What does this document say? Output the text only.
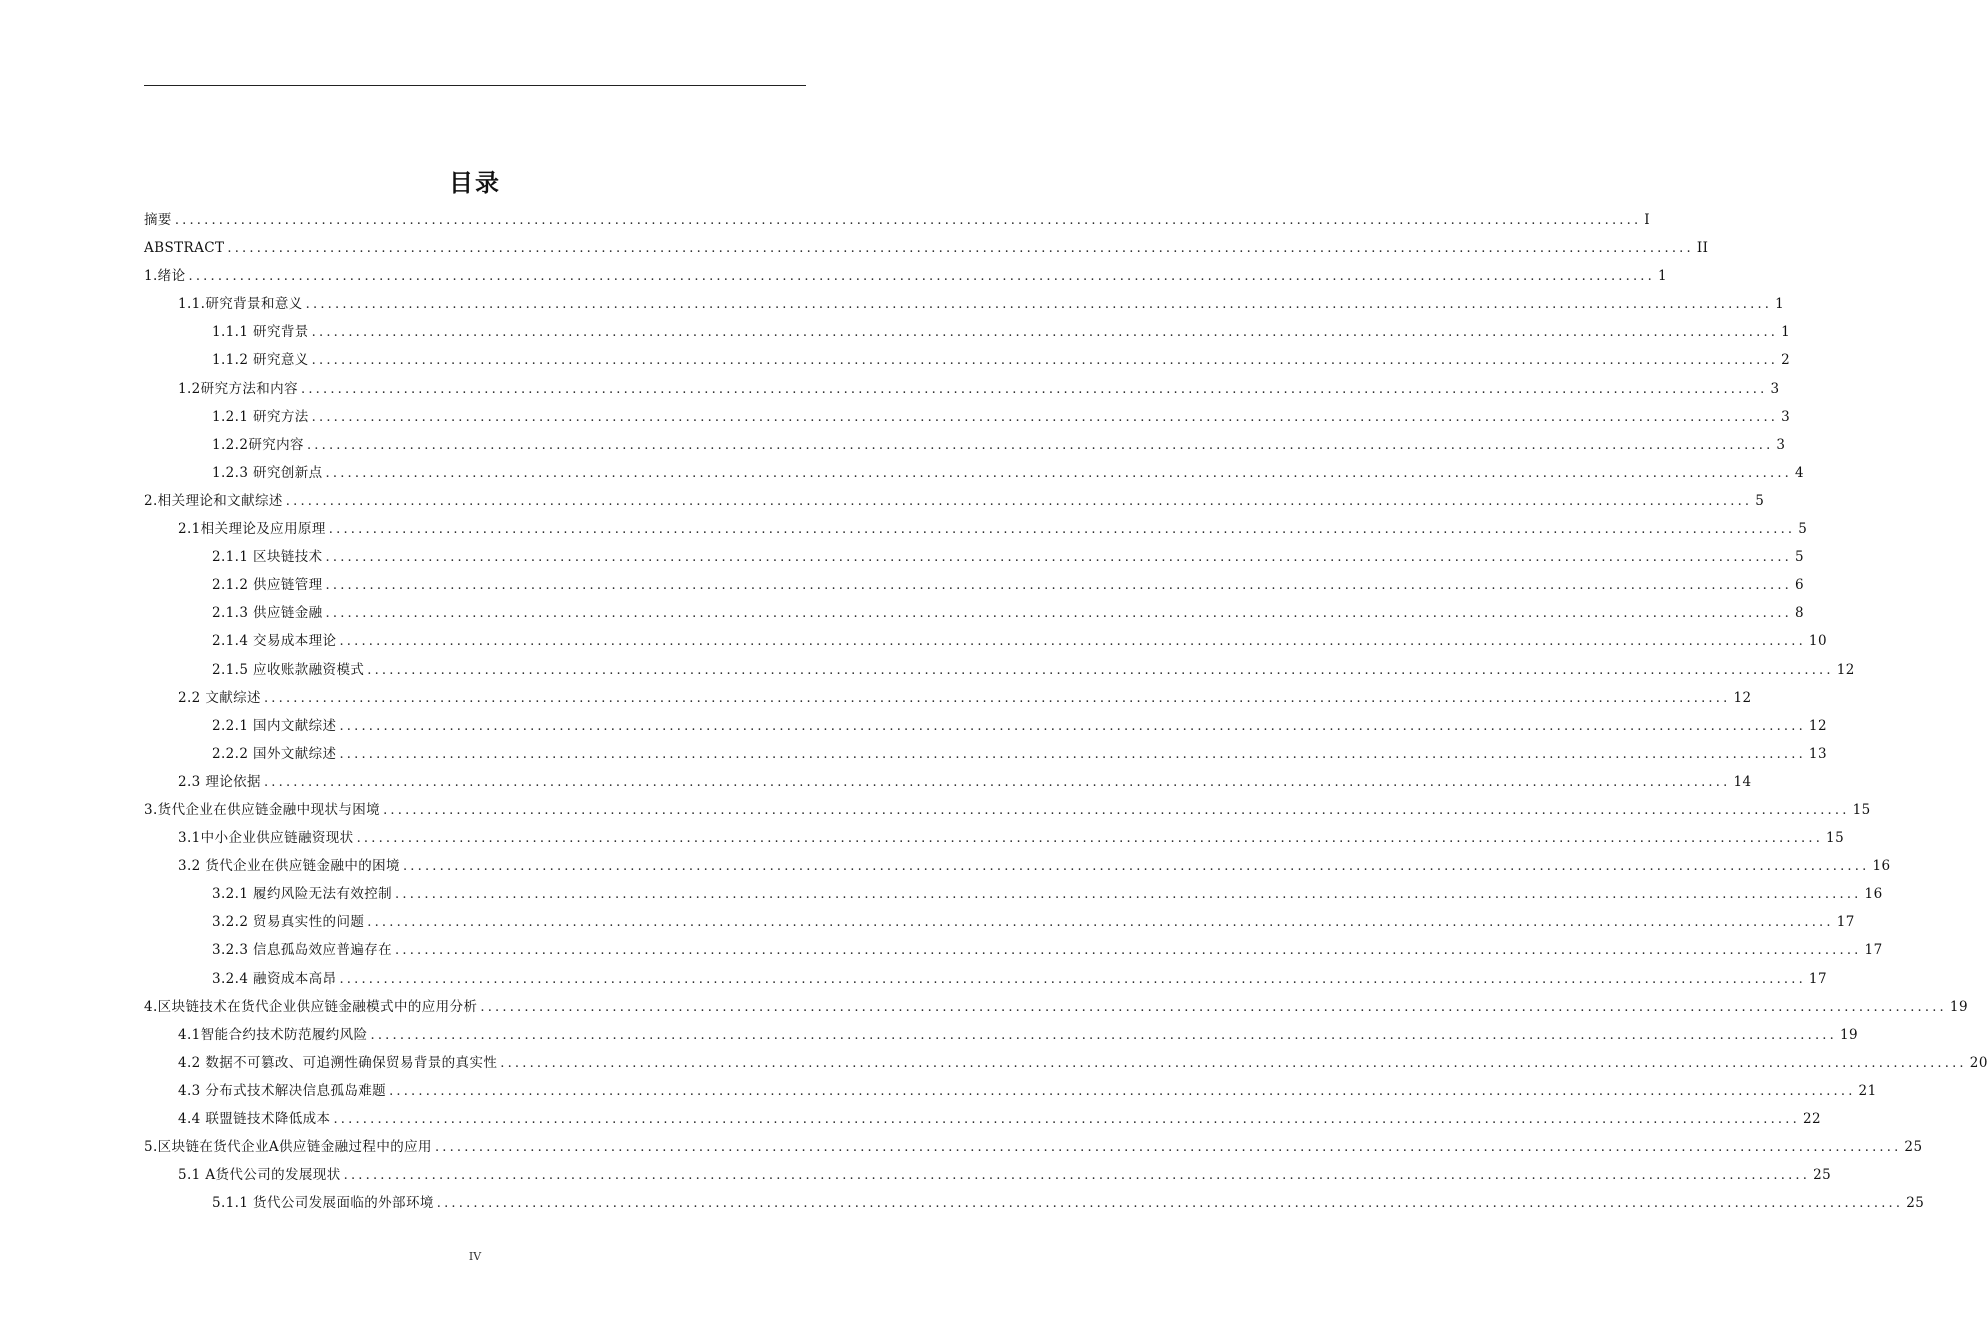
目录
摘要 ........................................................................................................................................................................................................ I
ABSTRACT ........................................................................................................................................................................................................ II
1.绪论 ........................................................................................................................................................................................................ 1
1.1.研究背景和意义 ........................................................................................................................................................................................................ 1
1.1.1 研究背景 ........................................................................................................................................................................................................ 1
1.1.2 研究意义 ........................................................................................................................................................................................................ 2
1.2研究方法和内容 ........................................................................................................................................................................................................ 3
1.2.1 研究方法 ........................................................................................................................................................................................................ 3
1.2.2研究内容 ........................................................................................................................................................................................................ 3
1.2.3 研究创新点 ........................................................................................................................................................................................................ 4
2.相关理论和文献综述 ........................................................................................................................................................................................................ 5
2.1相关理论及应用原理 ........................................................................................................................................................................................................ 5
2.1.1 区块链技术 ........................................................................................................................................................................................................ 5
2.1.2 供应链管理 ........................................................................................................................................................................................................ 6
2.1.3 供应链金融 ........................................................................................................................................................................................................ 8
2.1.4 交易成本理论 ........................................................................................................................................................................................................ 10
2.1.5 应收账款融资模式 ........................................................................................................................................................................................................ 12
2.2 文献综述 ........................................................................................................................................................................................................ 12
2.2.1 国内文献综述 ........................................................................................................................................................................................................ 12
2.2.2 国外文献综述 ........................................................................................................................................................................................................ 13
2.3 理论依据 ........................................................................................................................................................................................................ 14
3.货代企业在供应链金融中现状与困境 ........................................................................................................................................................................................................ 15
3.1中小企业供应链融资现状 ........................................................................................................................................................................................................ 15
3.2 货代企业在供应链金融中的困境 ........................................................................................................................................................................................................ 16
3.2.1 履约风险无法有效控制 ........................................................................................................................................................................................................ 16
3.2.2 贸易真实性的问题 ........................................................................................................................................................................................................ 17
3.2.3 信息孤岛效应普遍存在 ........................................................................................................................................................................................................ 17
3.2.4 融资成本高昂 ........................................................................................................................................................................................................ 17
4.区块链技术在货代企业供应链金融模式中的应用分析 ........................................................................................................................................................................................................ 19
4.1智能合约技术防范履约风险 ........................................................................................................................................................................................................ 19
4.2 数据不可篡改、可追溯性确保贸易背景的真实性 ........................................................................................................................................................................................................ 20
4.3 分布式技术解决信息孤岛难题 ........................................................................................................................................................................................................ 21
4.4 联盟链技术降低成本 ........................................................................................................................................................................................................ 22
5.区块链在货代企业A供应链金融过程中的应用 ........................................................................................................................................................................................................ 25
5.1 A货代公司的发展现状 ........................................................................................................................................................................................................ 25
5.1.1 货代公司发展面临的外部环境 ........................................................................................................................................................................................................ 25
IV
